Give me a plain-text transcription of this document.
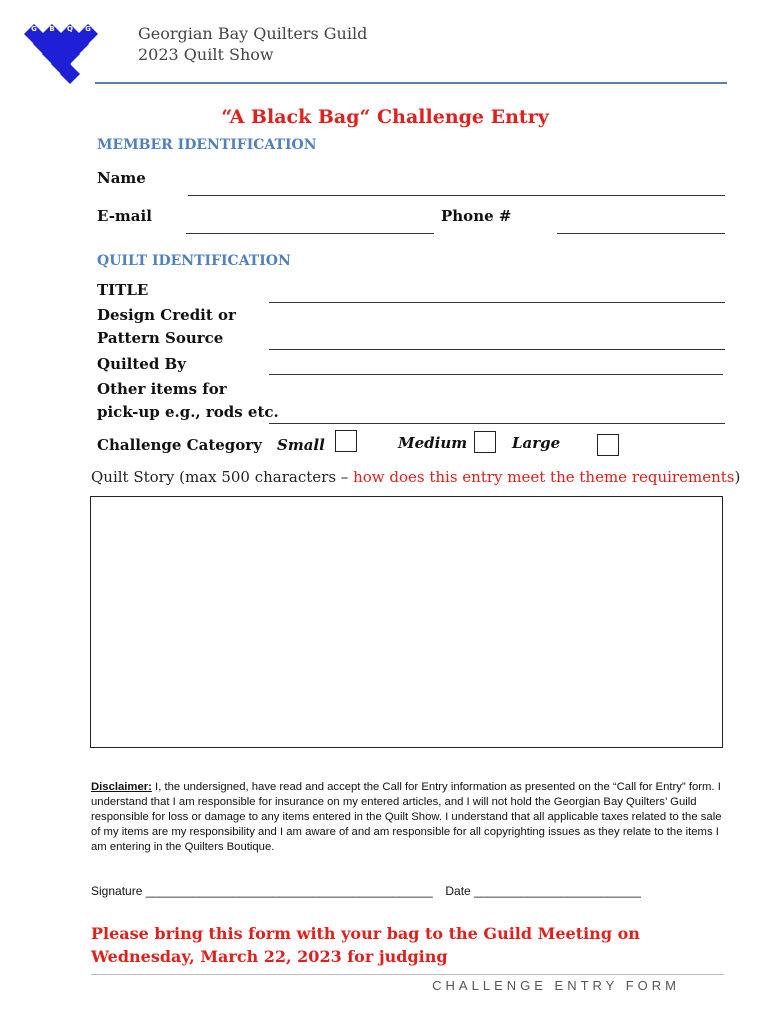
G B Q G	Georgian Bay Quilters Guild
2023 Quilt Show
“A Black Bag“ Challenge Entry
MEMBER IDENTIFICATION
Name
E-mail	Phone #
QUILT IDENTIFICATION
TITLE
Design Credit or
Pattern Source
Quilted By
Other items for
pick-up e.g., rods etc.
Challenge Category Small	Medium	Large
Quilt Story (max 500 characters – how does this entry meet the theme requirements)
Disclaimer: I, the undersigned, have read and accept the Call for Entry information as presented on the “Call for Entry” form. I understand that I am responsible for insurance on my entered articles, and I will not hold the Georgian Bay Quilters’ Guild responsible for loss or damage to any items entered in the Quilt Show. I understand that all applicable taxes related to the sale of my items are my responsibility and I am aware of and am responsible for all copyrighting issues as they relate to the items I am entering in the Quilters Boutique.
Signature ___________________________________________ Date _________________________
Please bring this form with your bag to the Guild Meeting on Wednesday, March 22, 2023 for judging
CHALLENGE ENTRY FORM
